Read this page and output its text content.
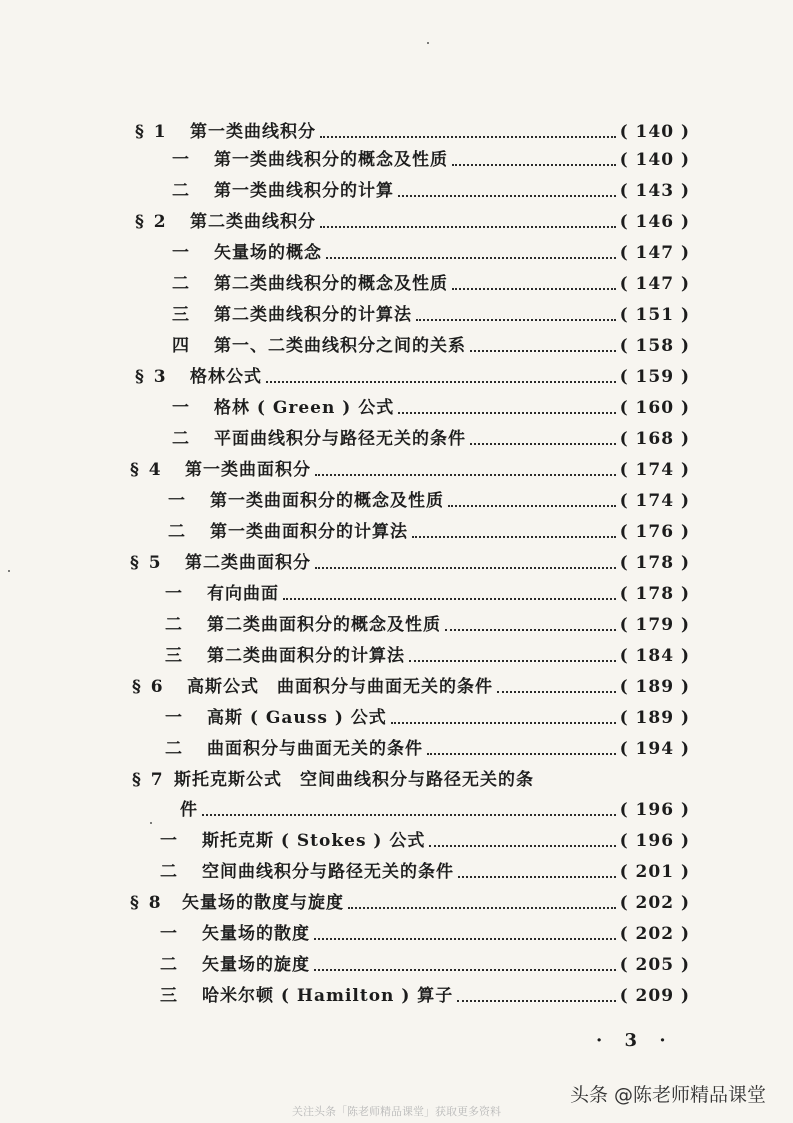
§ 1	第一类曲线积分	( 140 )
一	第一类曲线积分的概念及性质	( 140 )
二	第一类曲线积分的计算	( 143 )
§ 2	第二类曲线积分	( 146 )
一	矢量场的概念	( 147 )
二	第二类曲线积分的概念及性质	( 147 )
三	第二类曲线积分的计算法	( 151 )
四	第一、二类曲线积分之间的关系	( 158 )
§ 3	格林公式	( 159 )
一	格林 ( Green ) 公式	( 160 )
二	平面曲线积分与路径无关的条件	( 168 )
§ 4	第一类曲面积分	( 174 )
一	第一类曲面积分的概念及性质	( 174 )
二	第一类曲面积分的计算法	( 176 )
§ 5	第二类曲面积分	( 178 )
一	有向曲面	( 178 )
二	第二类曲面积分的概念及性质	( 179 )
三	第二类曲面积分的计算法	( 184 )
§ 6	高斯公式　曲面积分与曲面无关的条件	( 189 )
一	高斯 ( Gauss ) 公式	( 189 )
二	曲面积分与曲面无关的条件	( 194 )
§ 7 斯托克斯公式　空间曲线积分与路径无关的条
件	( 196 )
一	斯托克斯 ( Stokes ) 公式	( 196 )
二	空间曲线积分与路径无关的条件	( 201 )
§ 8	矢量场的散度与旋度	( 202 )
一	矢量场的散度	( 202 )
二	矢量场的旋度	( 205 )
三	哈米尔顿 ( Hamilton ) 算子	( 209 )
· 3 ·
头条 @陈老师精品课堂
关注头条「陈老师精品课堂」获取更多资料
